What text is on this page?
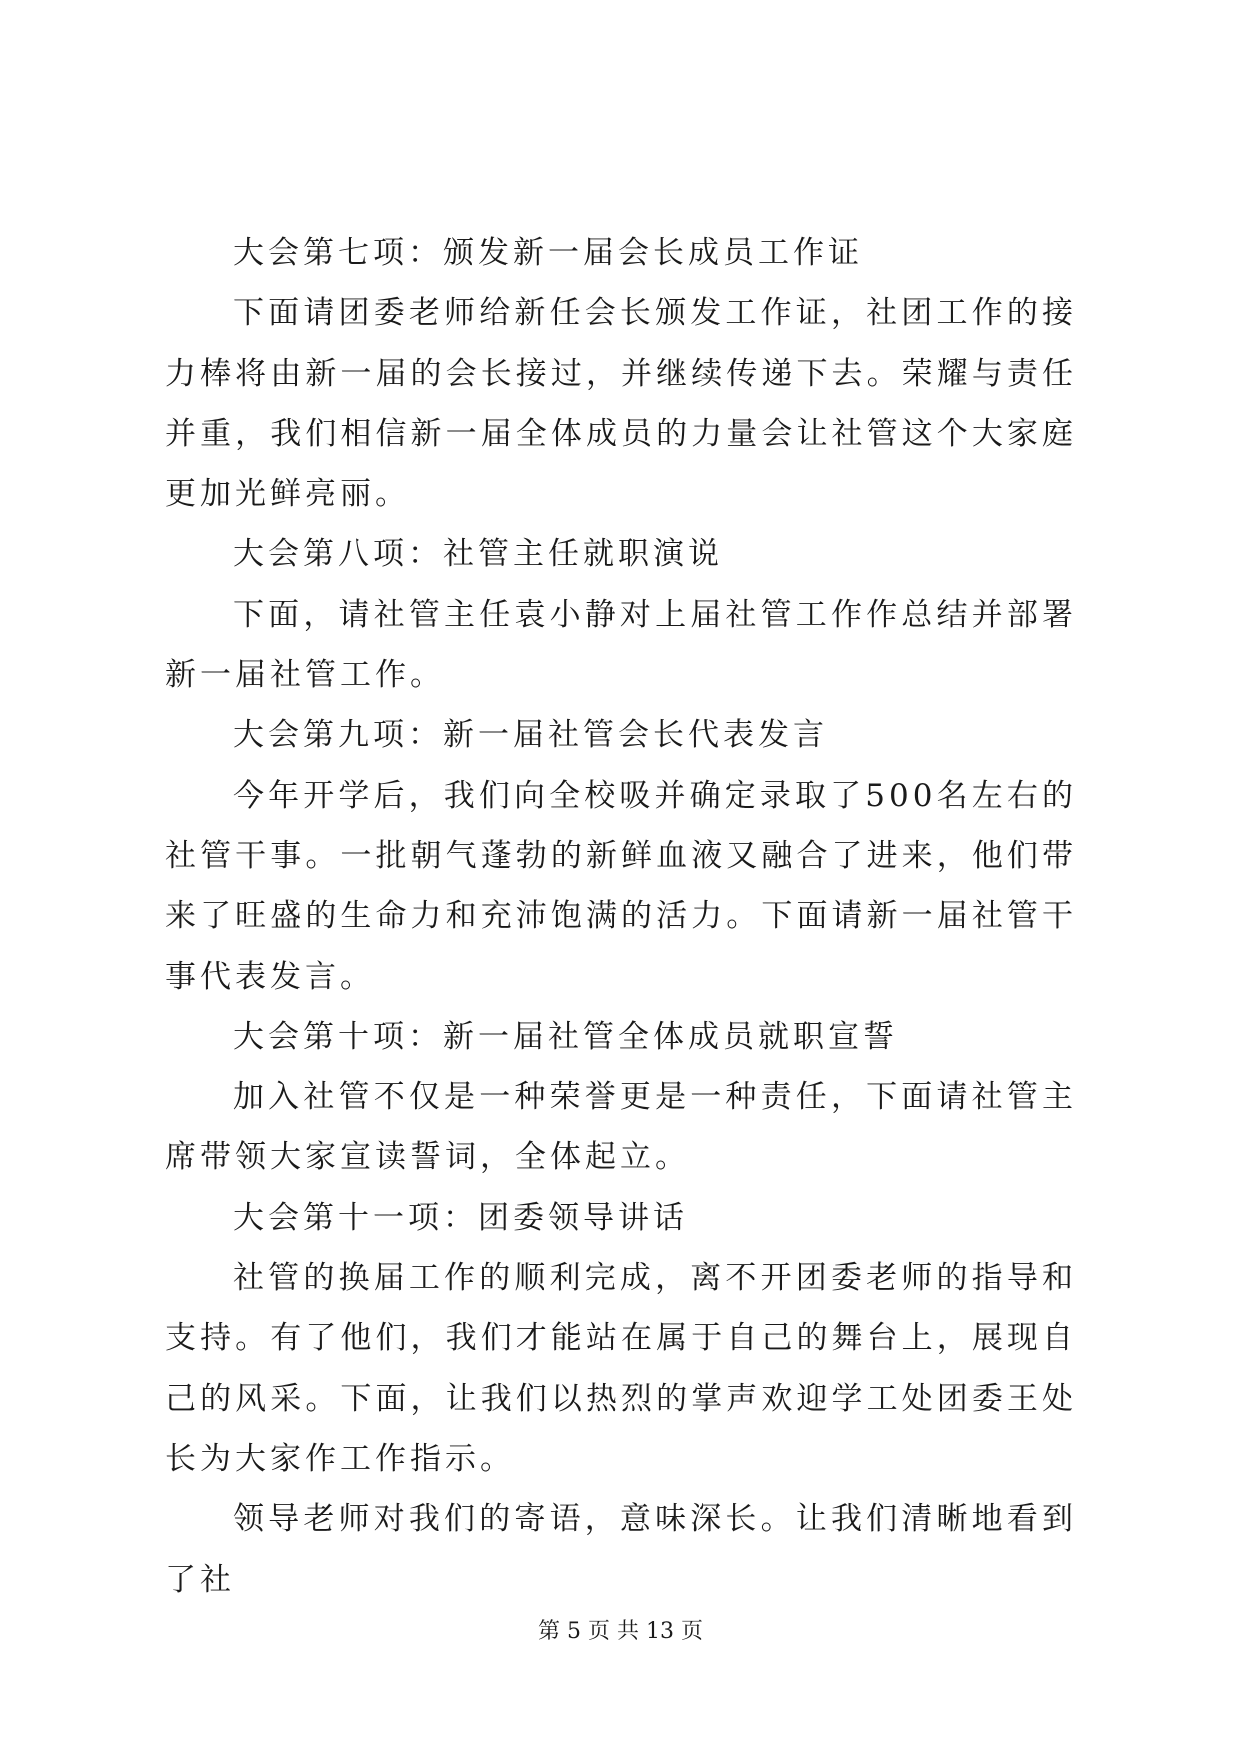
大会第七项：颁发新一届会长成员工作证

下面请团委老师给新任会长颁发工作证，社团工作的接力棒将由新一届的会长接过，并继续传递下去。荣耀与责任并重，我们相信新一届全体成员的力量会让社管这个大家庭更加光鲜亮丽。

大会第八项：社管主任就职演说

下面，请社管主任袁小静对上届社管工作作总结并部署新一届社管工作。

大会第九项：新一届社管会长代表发言

今年开学后，我们向全校吸并确定录取了500名左右的社管干事。一批朝气蓬勃的新鲜血液又融合了进来，他们带来了旺盛的生命力和充沛饱满的活力。下面请新一届社管干事代表发言。

大会第十项：新一届社管全体成员就职宣誓

加入社管不仅是一种荣誉更是一种责任，下面请社管主席带领大家宣读誓词，全体起立。

大会第十一项：团委领导讲话

社管的换届工作的顺利完成，离不开团委老师的指导和支持。有了他们，我们才能站在属于自己的舞台上，展现自己的风采。下面，让我们以热烈的掌声欢迎学工处团委王处长为大家作工作指示。

领导老师对我们的寄语，意味深长。让我们清晰地看到了社

第 5 页 共 13 页
